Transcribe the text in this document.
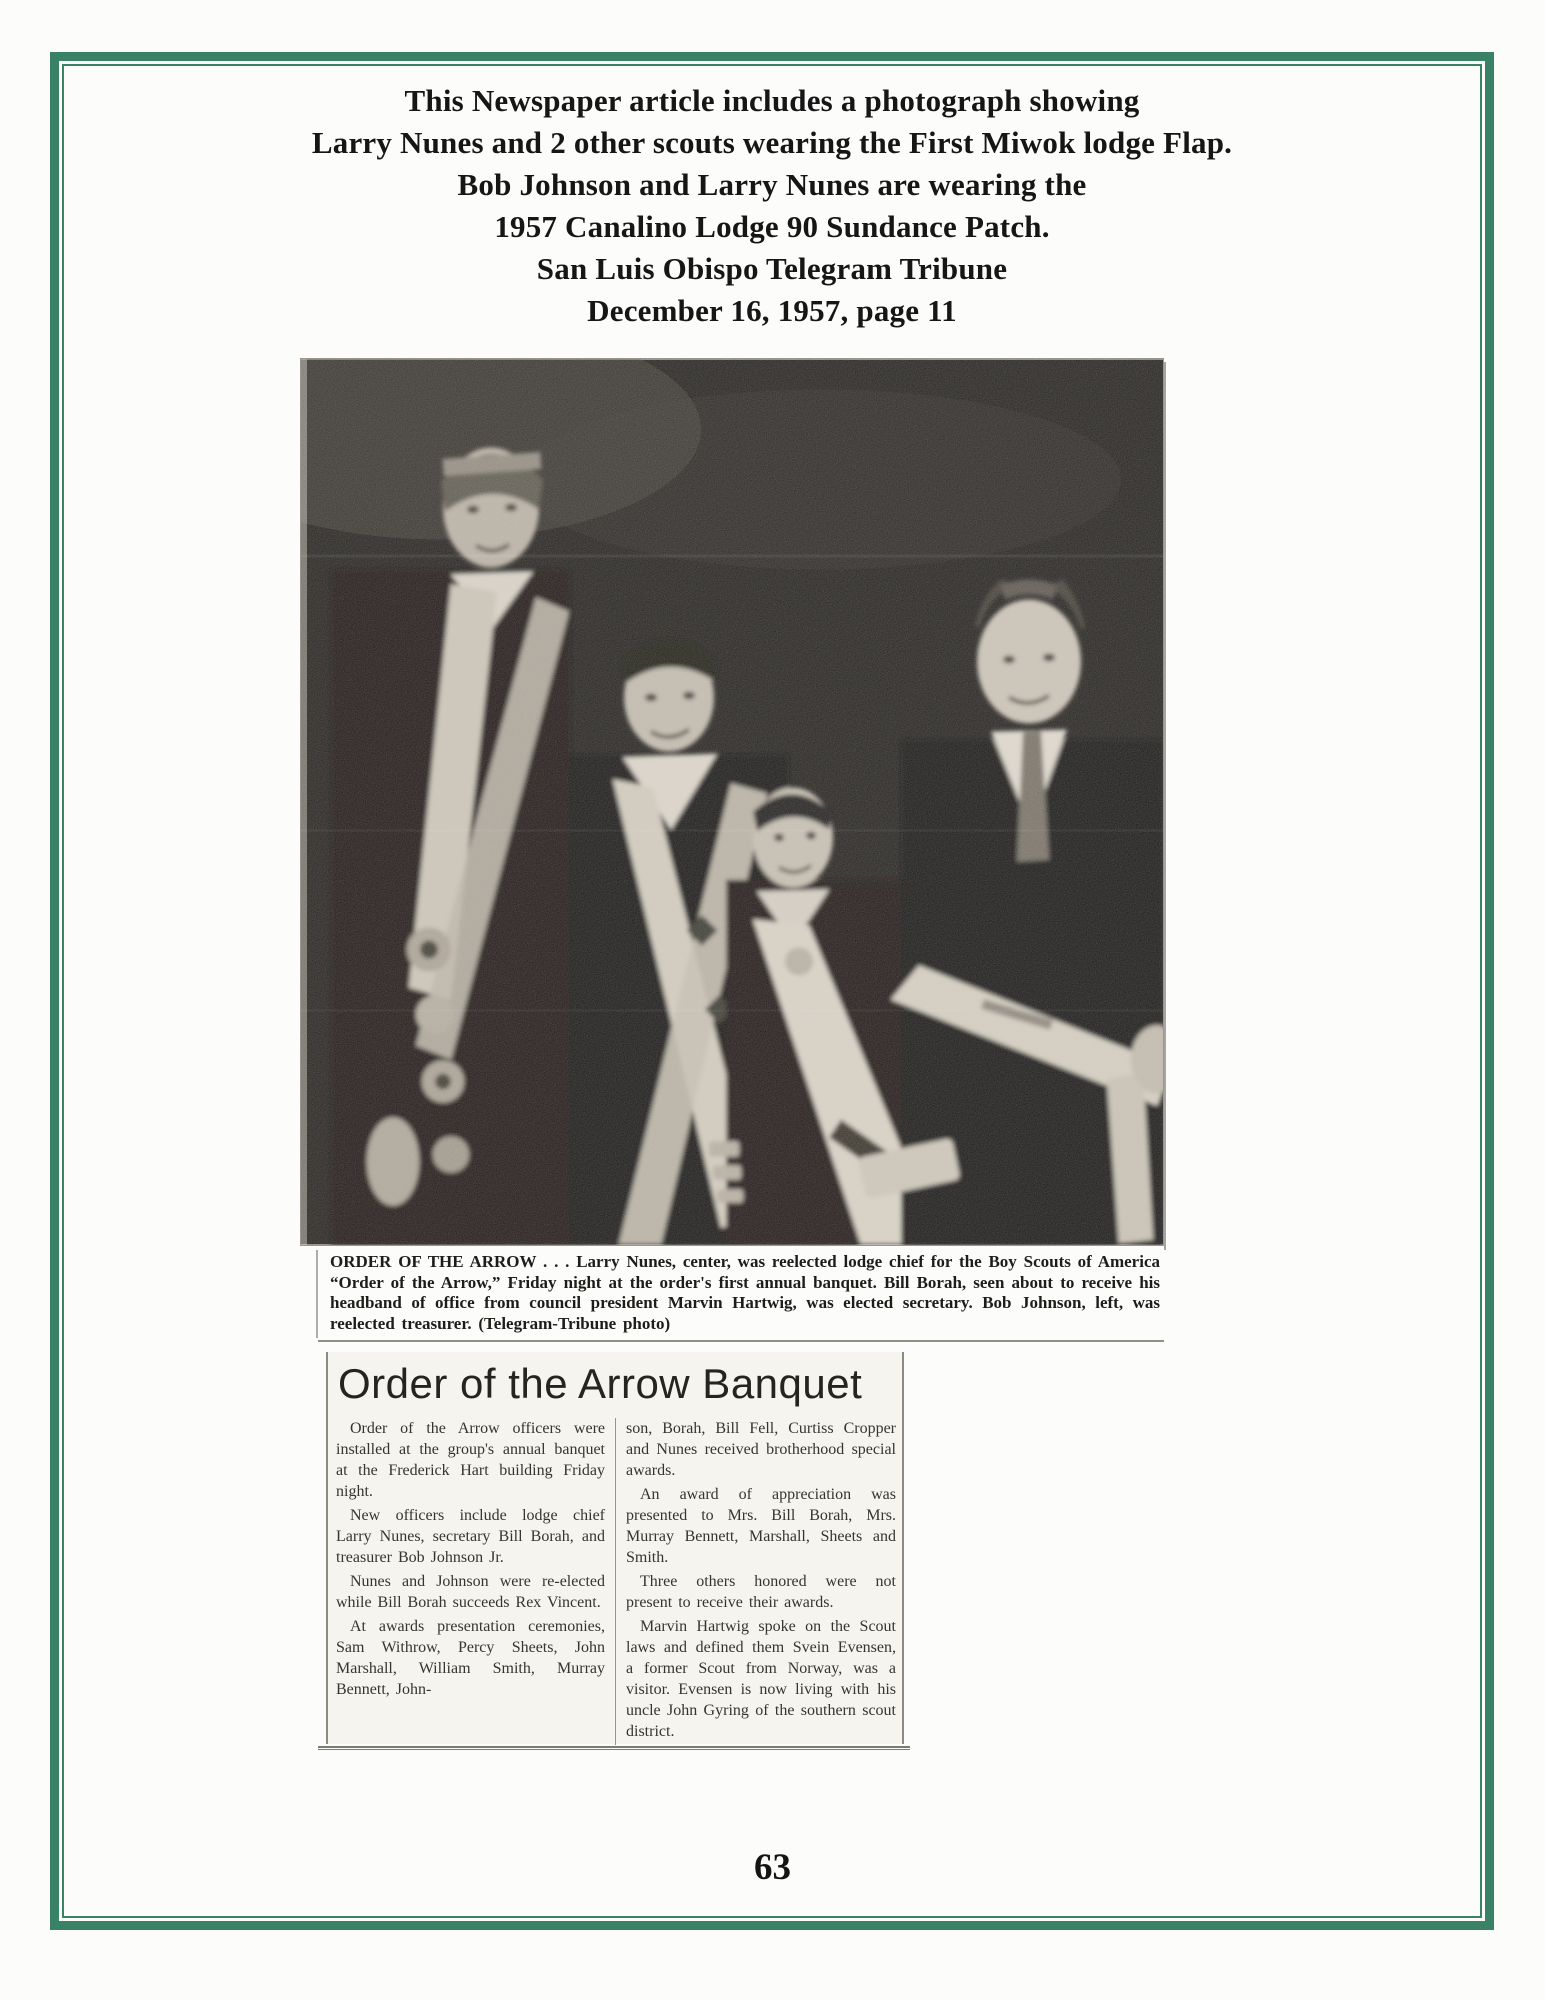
This Newspaper article includes a photograph showing
Larry Nunes and 2 other scouts wearing the First Miwok lodge Flap.
Bob Johnson and Larry Nunes are wearing the
1957 Canalino Lodge 90 Sundance Patch.
San Luis Obispo Telegram Tribune
December 16, 1957, page 11
ORDER OF THE ARROW . . . Larry Nunes, center, was reelected lodge chief for the Boy Scouts of America “Order of the Arrow,” Friday night at the order's first annual banquet. Bill Borah, seen about to receive his headband of office from council president Marvin Hartwig, was elected secretary. Bob Johnson, left, was reelected treasurer. (Telegram-Tribune photo)
Order of the Arrow Banquet

Order of the Arrow officers were installed at the group's annual banquet at the Frederick Hart building Friday night.

New officers include lodge chief Larry Nunes, secretary Bill Borah, and treasurer Bob Johnson Jr.

Nunes and Johnson were re-elected while Bill Borah succeeds Rex Vincent.

At awards presentation ceremonies, Sam Withrow, Percy Sheets, John Marshall, William Smith, Murray Bennett, John-

son, Borah, Bill Fell, Curtiss Cropper and Nunes received brotherhood special awards.

An award of appreciation was presented to Mrs. Bill Borah, Mrs. Murray Bennett, Marshall, Sheets and Smith.

Three others honored were not present to receive their awards.

Marvin Hartwig spoke on the Scout laws and defined them Svein Evensen, a former Scout from Norway, was a visitor. Evensen is now living with his uncle John Gyring of the southern scout district.

63
